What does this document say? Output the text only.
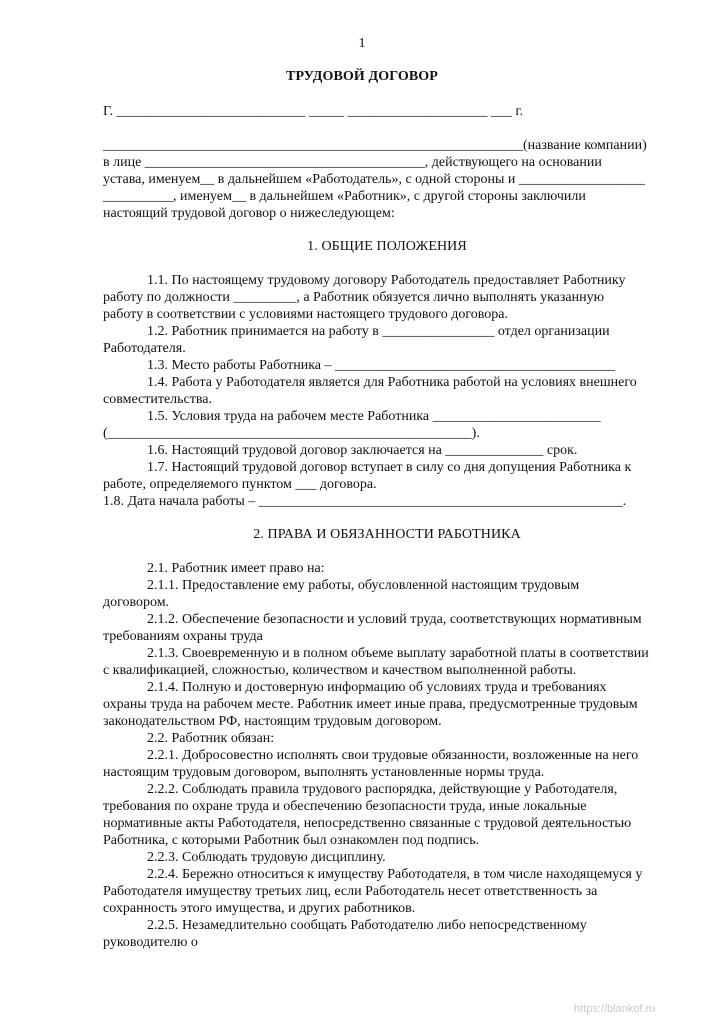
1
ТРУДОВОЙ ДОГОВОР
Г. ___________________________ _____ ____________________ ___ г.
____________________________________________________________(название компании)
в лице ________________________________________, действующего на основании
устава, именуем__ в дальнейшем «Работодатель», с одной стороны и __________________
__________, именуем__ в дальнейшем «Работник», с другой стороны заключили
настоящий трудовой договор о нижеследующем:
1. ОБЩИЕ ПОЛОЖЕНИЯ
1.1. По настоящему трудовому договору Работодатель предоставляет Работнику
работу по должности _________, а Работник обязуется лично выполнять указанную
работу в соответствии с условиями настоящего трудового договора.
1.2. Работник принимается на работу в ________________ отдел организации
Работодателя.
1.3. Место работы Работника – ________________________________________
1.4. Работа у Работодателя является для Работника работой на условиях внешнего
совместительства.
1.5. Условия труда на рабочем месте Работника ________________________
(____________________________________________________).
1.6. Настоящий трудовой договор заключается на ______________ срок.
1.7. Настоящий трудовой договор вступает в силу со дня допущения Работника к
работе, определяемого пунктом ___ договора.
1.8. Дата начала работы – ____________________________________________________.
2. ПРАВА И ОБЯЗАННОСТИ РАБОТНИКА
2.1. Работник имеет право на:
2.1.1. Предоставление ему работы, обусловленной настоящим трудовым
договором.
2.1.2. Обеспечение безопасности и условий труда, соответствующих нормативным
требованиям охраны труда
2.1.3. Своевременную и в полном объеме выплату заработной платы в соответствии
с квалификацией, сложностью, количеством и качеством выполненной работы.
2.1.4. Полную и достоверную информацию об условиях труда и требованиях
охраны труда на рабочем месте. Работник имеет иные права, предусмотренные трудовым
законодательством РФ, настоящим трудовым договором.
2.2. Работник обязан:
2.2.1. Добросовестно исполнять свои трудовые обязанности, возложенные на него
настоящим трудовым договором, выполнять установленные нормы труда.
2.2.2. Соблюдать правила трудового распорядка, действующие у Работодателя,
требования по охране труда и обеспечению безопасности труда, иные локальные
нормативные акты Работодателя, непосредственно связанные с трудовой деятельностью
Работника, с которыми Работник был ознакомлен под подпись.
2.2.3. Соблюдать трудовую дисциплину.
2.2.4. Бережно относиться к имуществу Работодателя, в том числе находящемуся у
Работодателя имуществу третьих лиц, если Работодатель несет ответственность за
сохранность этого имущества, и других работников.
2.2.5. Незамедлительно сообщать Работодателю либо непосредственному
руководителю о
https://blankof.ru
